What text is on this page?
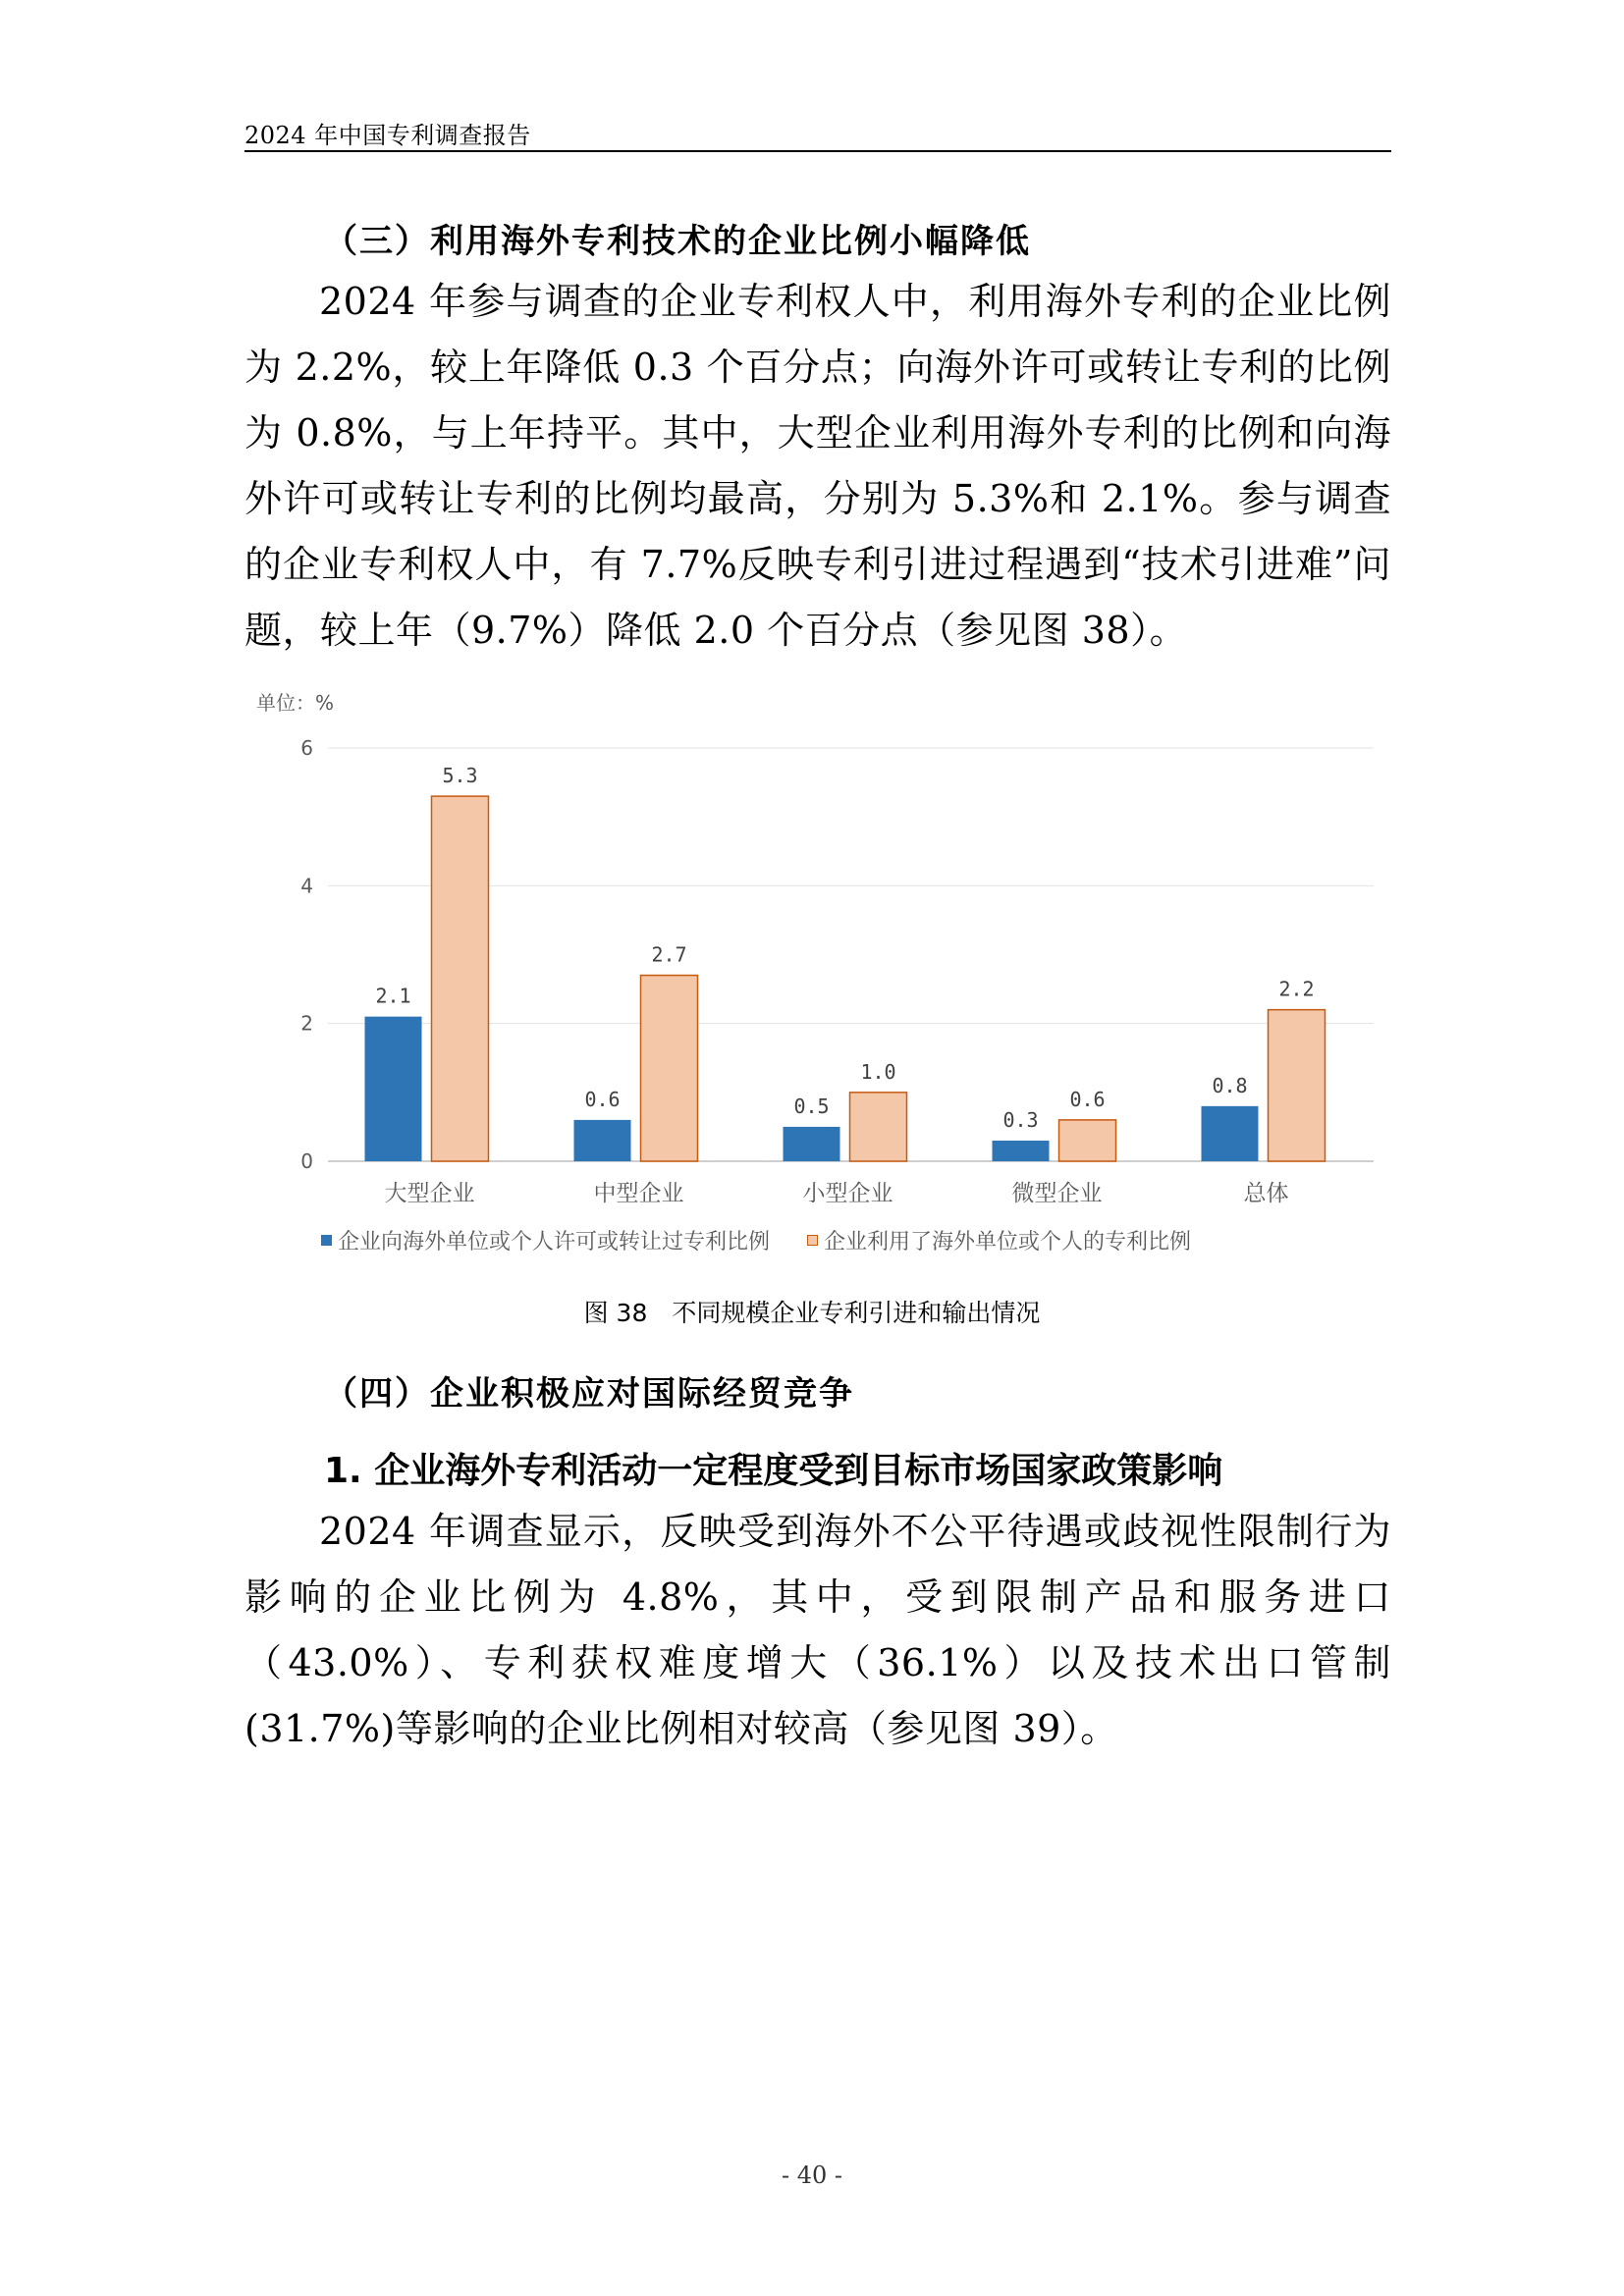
2024 年中国专利调查报告
（三）利用海外专利技术的企业比例小幅降低
2024 年参与调查的企业专利权人中，利用海外专利的企业比例为 2.2%，较上年降低 0.3 个百分点；向海外许可或转让专利的比例为 0.8%，与上年持平。其中，大型企业利用海外专利的比例和向海外许可或转让专利的比例均最高，分别为 5.3%和 2.1%。参与调查的企业专利权人中，有 7.7%反映专利引进过程遇到“技术引进难”问题，较上年（9.7%）降低 2.0 个百分点（参见图 38）。
单位：%
0
2
4
6
2.1
5.3
大型企业
0.6
2.7
中型企业
0.5
1.0
小型企业
0.3
0.6
微型企业
0.8
2.2
总体
企业向海外单位或个人许可或转让过专利比例	企业利用了海外单位或个人的专利比例
图 38　不同规模企业专利引进和输出情况
（四）企业积极应对国际经贸竞争
1. 企业海外专利活动一定程度受到目标市场国家政策影响
2024 年调查显示，反映受到海外不公平待遇或歧视性限制行为影响的企业比例为 4.8%，其中，受到限制产品和服务进口（43.0%）、专利获权难度增大（36.1%）以及技术出口管制(31.7%)等影响的企业比例相对较高（参见图 39）。
- 40 -
